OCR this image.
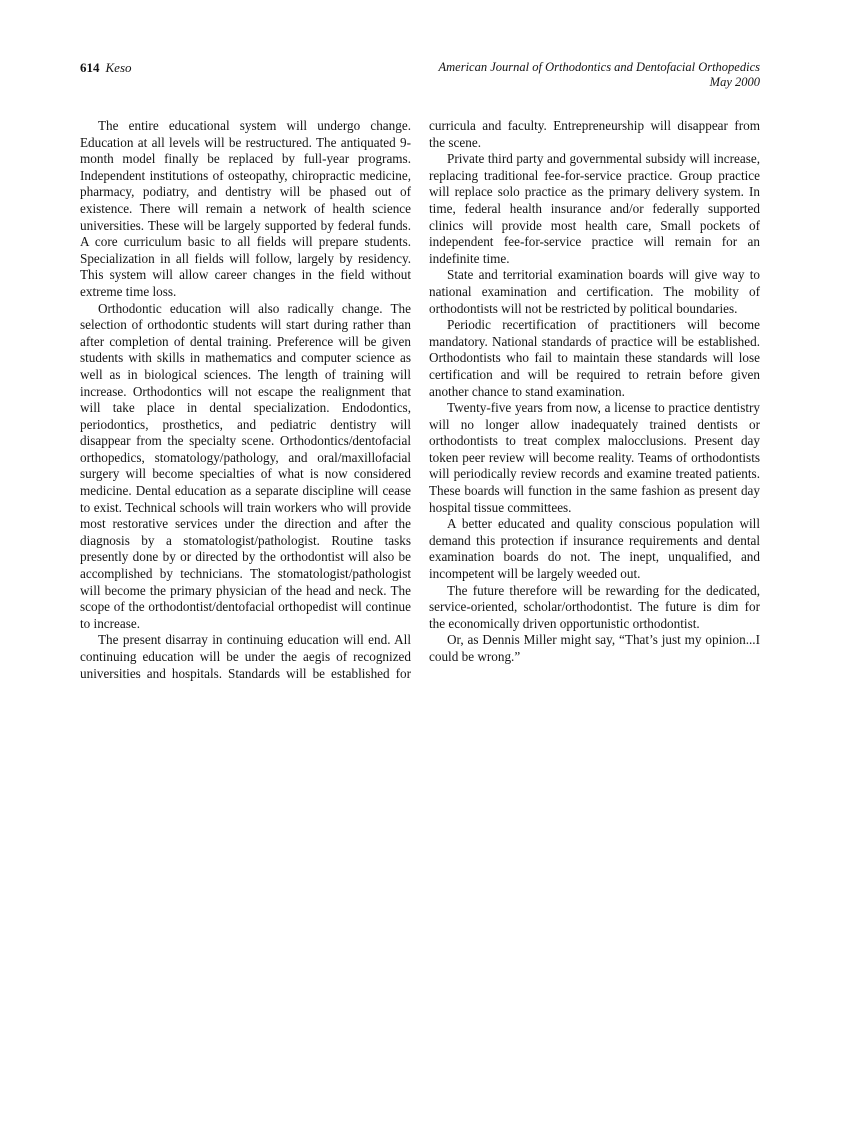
614 Keso	American Journal of Orthodontics and Dentofacial Orthopedics
May 2000

The entire educational system will undergo change. Education at all levels will be restructured. The antiquated 9-month model finally be replaced by full-year programs. Independent institutions of osteopathy, chiropractic medicine, pharmacy, podiatry, and dentistry will be phased out of existence. There will remain a network of health science universities. These will be largely supported by federal funds. A core curriculum basic to all fields will prepare students. Specialization in all fields will follow, largely by residency. This system will allow career changes in the field without extreme time loss.

Orthodontic education will also radically change. The selection of orthodontic students will start during rather than after completion of dental training. Preference will be given students with skills in mathematics and computer science as well as in biological sciences. The length of training will increase. Orthodontics will not escape the realignment that will take place in dental specialization. Endodontics, periodontics, prosthetics, and pediatric dentistry will disappear from the specialty scene. Orthodontics/dentofacial orthopedics, stomatology/pathology, and oral/maxillofacial surgery will become specialties of what is now considered medicine. Dental education as a separate discipline will cease to exist. Technical schools will train workers who will provide most restorative services under the direction and after the diagnosis by a stomatologist/pathologist. Routine tasks presently done by or directed by the orthodontist will also be accomplished by technicians. The stomatologist/pathologist will become the primary physician of the head and neck. The scope of the orthodontist/dentofacial orthopedist will continue to increase.

The present disarray in continuing education will end. All continuing education will be under the aegis of recognized universities and hospitals. Standards will be established for curricula and faculty. Entrepreneurship will disappear from the scene.

Private third party and governmental subsidy will increase, replacing traditional fee-for-service practice. Group practice will replace solo practice as the primary delivery system. In time, federal health insurance and/or federally supported clinics will provide most health care, Small pockets of independent fee-for-service practice will remain for an indefinite time.

State and territorial examination boards will give way to national examination and certification. The mobility of orthodontists will not be restricted by political boundaries.

Periodic recertification of practitioners will become mandatory. National standards of practice will be established. Orthodontists who fail to maintain these standards will lose certification and will be required to retrain before given another chance to stand examination.

Twenty-five years from now, a license to practice dentistry will no longer allow inadequately trained dentists or orthodontists to treat complex malocclusions. Present day token peer review will become reality. Teams of orthodontists will periodically review records and examine treated patients. These boards will function in the same fashion as present day hospital tissue committees.

A better educated and quality conscious population will demand this protection if insurance requirements and dental examination boards do not. The inept, unqualified, and incompetent will be largely weeded out.

The future therefore will be rewarding for the dedicated, service-oriented, scholar/orthodontist. The future is dim for the economically driven opportunistic orthodontist.

Or, as Dennis Miller might say, “That’s just my opinion...I could be wrong.”
